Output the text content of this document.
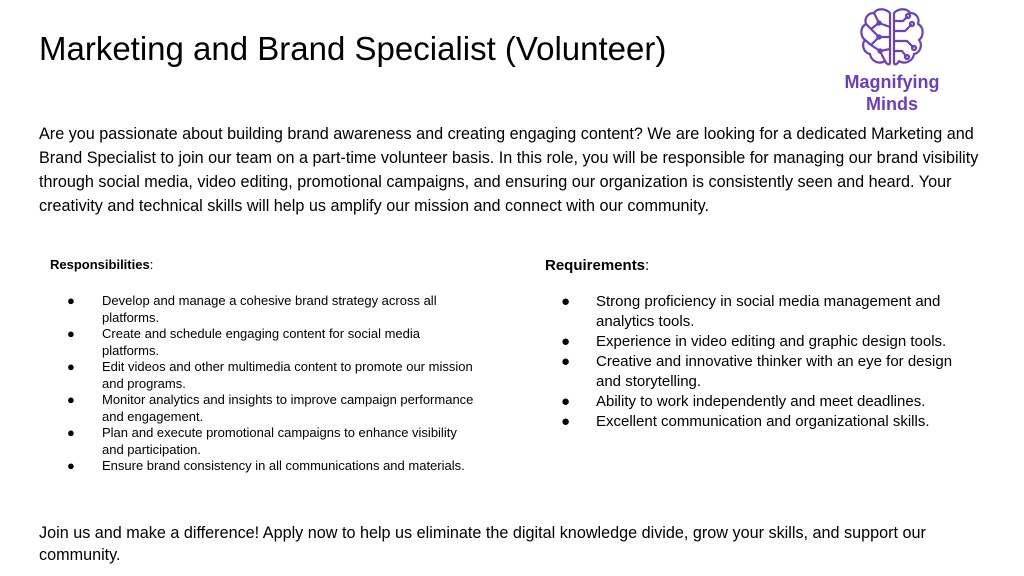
Marketing and Brand Specialist (Volunteer)
Magnifying
Minds

Are you passionate about building brand awareness and creating engaging content? We are looking for a dedicated Marketing and Brand Specialist to join our team on a part-time volunteer basis. In this role, you will be responsible for managing our brand visibility through social media, video editing, promotional campaigns, and ensuring our organization is consistently seen and heard. Your creativity and technical skills will help us amplify our mission and connect with our community.

Responsibilities:

● Develop and manage a cohesive brand strategy across all platforms.
● Create and schedule engaging content for social media platforms.
● Edit videos and other multimedia content to promote our mission and programs.
● Monitor analytics and insights to improve campaign performance and engagement.
● Plan and execute promotional campaigns to enhance visibility and participation.
● Ensure brand consistency in all communications and materials.

Requirements:

● Strong proficiency in social media management and analytics tools.
● Experience in video editing and graphic design tools.
● Creative and innovative thinker with an eye for design and storytelling.
● Ability to work independently and meet deadlines.
● Excellent communication and organizational skills.

Join us and make a difference! Apply now to help us eliminate the digital knowledge divide, grow your skills, and support our community.
